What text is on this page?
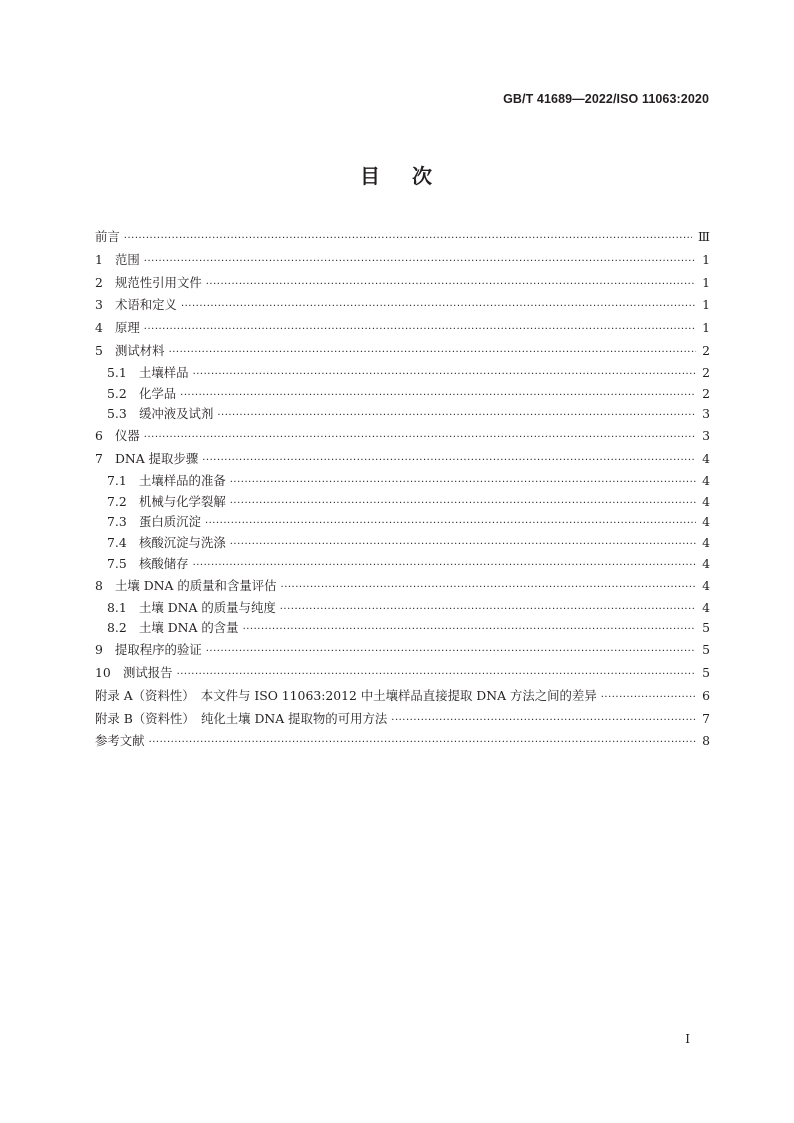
GB/T 41689—2022/ISO 11063:2020
目 次
前言 ·····	Ⅲ
1 范围 ·····	1
2 规范性引用文件 ·····	1
3 术语和定义 ·····	1
4 原理 ·····	1
5 测试材料 ·····	2
5.1 土壤样品 ·····	2
5.2 化学品 ·····	2
5.3 缓冲液及试剂 ·····	3
6 仪器 ·····	3
7 DNA 提取步骤 ·····	4
7.1 土壤样品的准备 ·····	4
7.2 机械与化学裂解 ·····	4
7.3 蛋白质沉淀 ·····	4
7.4 核酸沉淀与洗涤 ·····	4
7.5 核酸储存 ·····	4
8 土壤 DNA 的质量和含量评估 ·····	4
8.1 土壤 DNA 的质量与纯度 ·····	4
8.2 土壤 DNA 的含量 ·····	5
9 提取程序的验证 ·····	5
10 测试报告 ·····	5
附录 A（资料性）　本文件与 ISO 11063:2012 中土壤样品直接提取 DNA 方法之间的差异 ·····	6
附录 B（资料性）　纯化土壤 DNA 提取物的可用方法 ·····	7
参考文献 ·····	8
I
